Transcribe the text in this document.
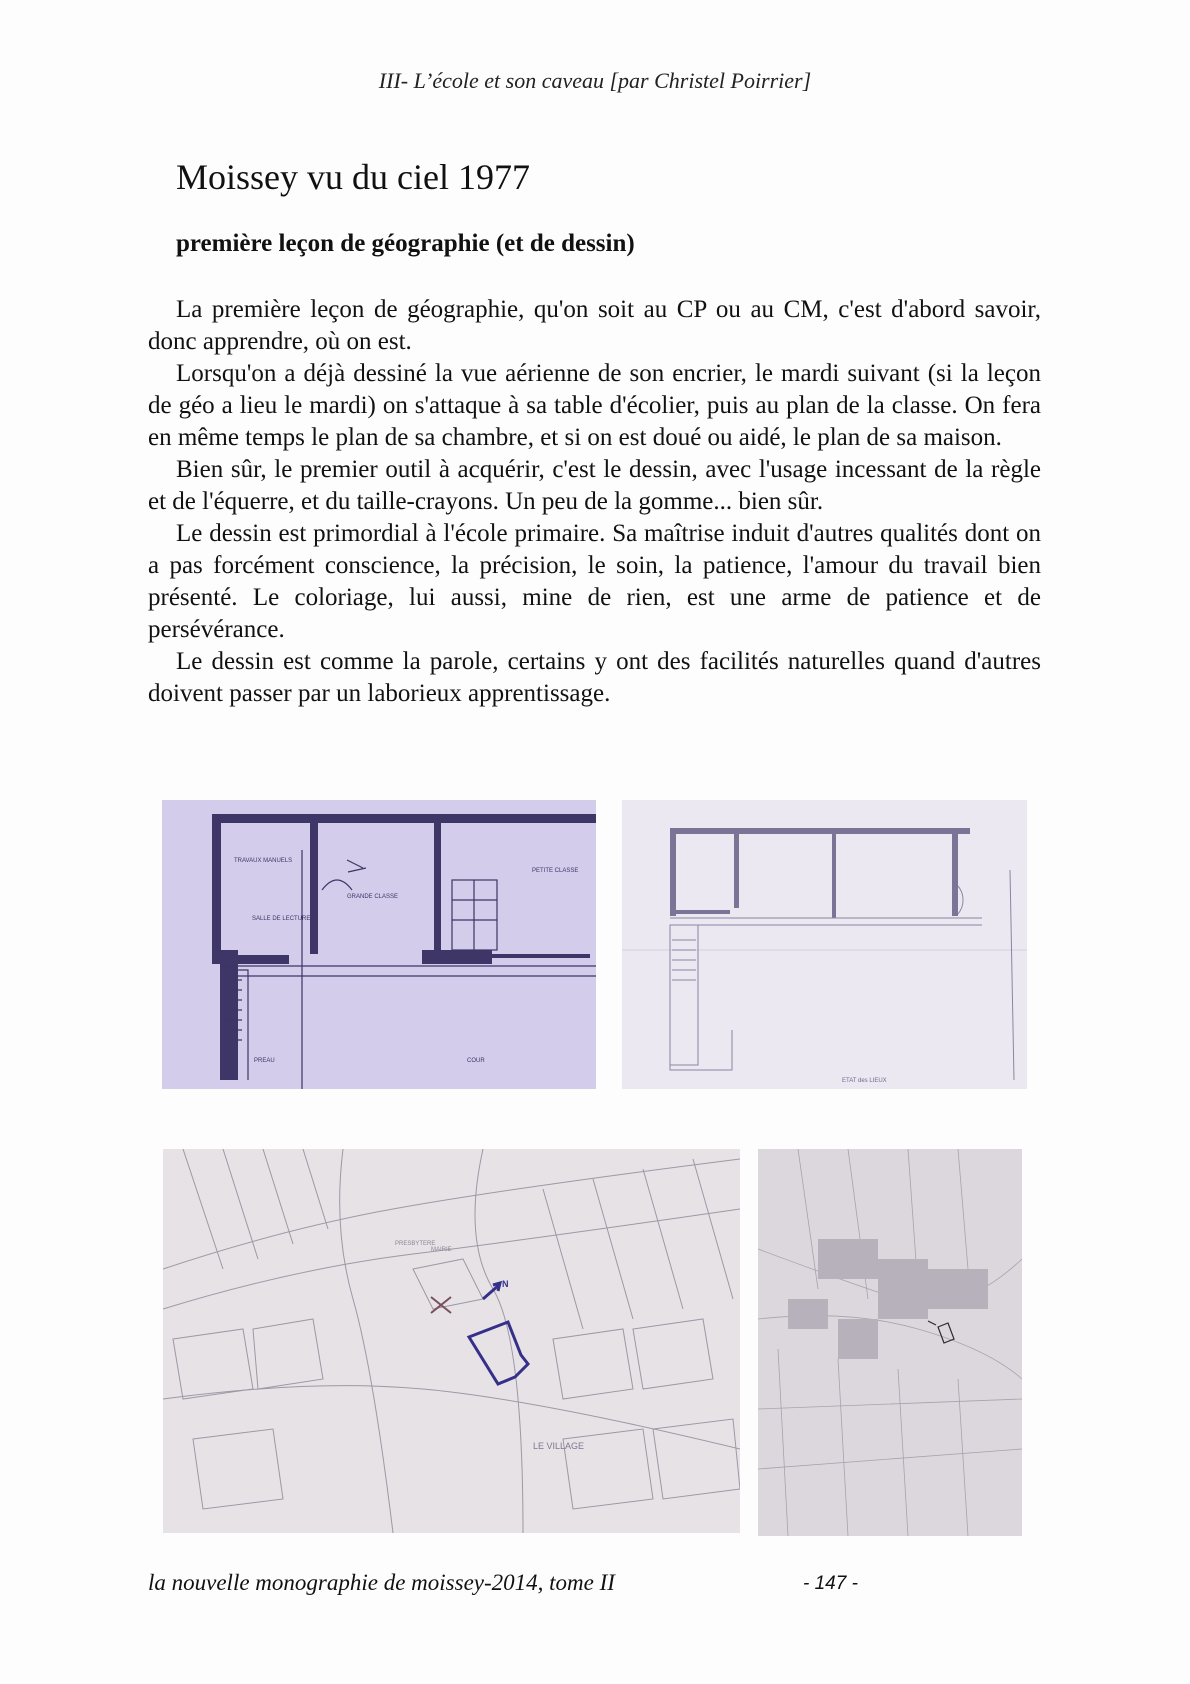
III- L’école et son caveau [par Christel Poirrier]
Moissey vu du ciel 1977
première leçon de géographie (et de dessin)

La première leçon de géographie, qu'on soit au CP ou au CM, c'est d'abord savoir, donc apprendre, où on est.

Lorsqu'on a déjà dessiné la vue aérienne de son encrier, le mardi suivant (si la leçon de géo a lieu le mardi) on s'attaque à sa table d'écolier, puis au plan de la classe. On fera en même temps le plan de sa chambre, et si on est doué ou aidé, le plan de sa maison.

Bien sûr, le premier outil à acquérir, c'est le dessin, avec l'usage incessant de la règle et de l'équerre, et du taille-crayons. Un peu de la gomme... bien sûr.

Le dessin est primordial à l'école primaire. Sa maîtrise induit d'autres qualités dont on a pas forcément conscience, la précision, le soin, la patience, l'amour du travail bien présenté. Le coloriage, lui aussi, mine de rien, est une arme de patience et de persévérance.

Le dessin est comme la parole, certains y ont des facilités naturelles quand d'autres doivent passer par un laborieux apprentissage.

TRAVAUX MANUELS
GRANDE CLASSE
PETITE CLASSE
SALLE DE LECTURE
PREAU	COUR
ETAT des LIEUX
LE VILLAGE
MAIRIE
PRESBYTERE
N
la nouvelle monographie de moissey-2014, tome II	- 147 -
